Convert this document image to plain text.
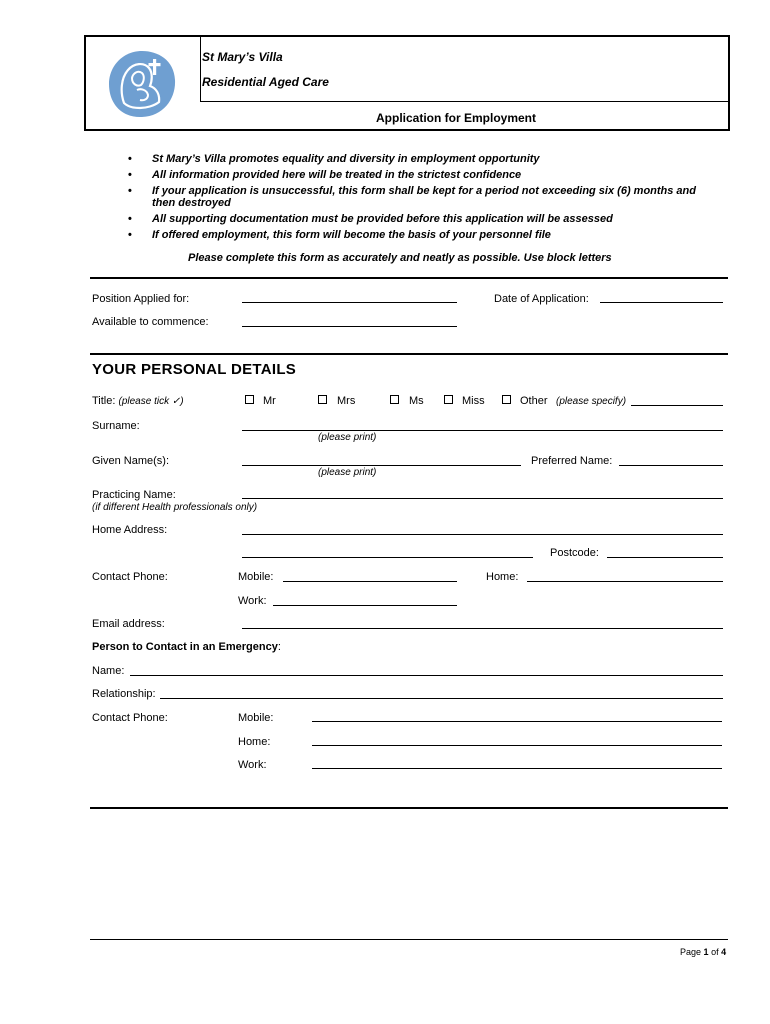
St Mary’s Villa
Residential Aged Care
Application for Employment
• St Mary’s Villa promotes equality and diversity in employment opportunity
• All information provided here will be treated in the strictest confidence
• If your application is unsuccessful, this form shall be kept for a period not exceeding six (6) months and then destroyed
• All supporting documentation must be provided before this application will be assessed
• If offered employment, this form will become the basis of your personnel file
Please complete this form as accurately and neatly as possible. Use block letters
Position Applied for:	Date of Application:
Available to commence:
YOUR PERSONAL DETAILS
Title: (please tick ✓)	Mr	Mrs	Ms	Miss	Other (please specify)
Surname:
(please print)
Given Name(s):
(please print)
Preferred Name:
Practicing Name:
(if different Health professionals only)
Home Address:
Postcode:
Contact Phone:	Mobile:	Home:
Work:
Email address:
Person to Contact in an Emergency:
Name:
Relationship:
Contact Phone:	Mobile:
Home:
Work:
Page 1 of 4
